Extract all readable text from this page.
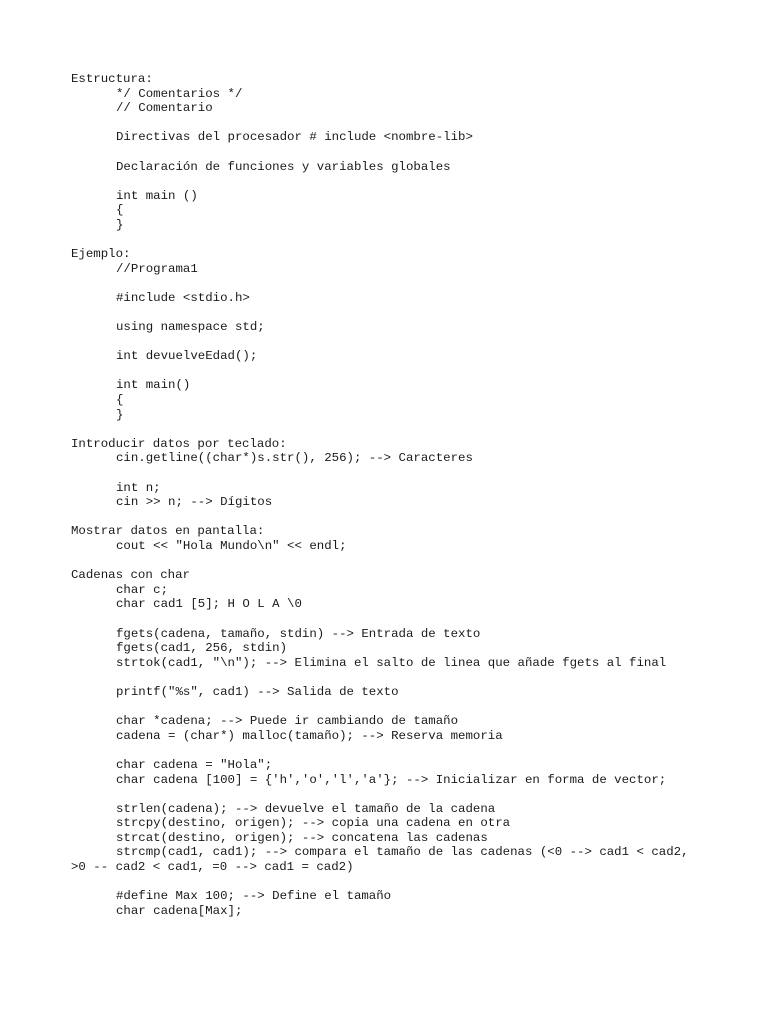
Estructura:
*/ Comentarios */
// Comentario
Directivas del procesador # include <nombre-lib>
Declaración de funciones y variables globales
int main ()
{
}
Ejemplo:
//Programa1
#include <stdio.h>
using namespace std;
int devuelveEdad();
int main()
{
}
Introducir datos por teclado:
cin.getline((char*)s.str(), 256); --> Caracteres
int n;
cin >> n; --> Dígitos
Mostrar datos en pantalla:
cout << "Hola Mundo\n" << endl;
Cadenas con char
char c;
char cad1 [5]; H O L A \0
fgets(cadena, tamaño, stdin) --> Entrada de texto
fgets(cad1, 256, stdin)
strtok(cad1, "\n"); --> Elimina el salto de linea que añade fgets al final
printf("%s", cad1) --> Salida de texto
char *cadena; --> Puede ir cambiando de tamaño
cadena = (char*) malloc(tamaño); --> Reserva memoria
char cadena = "Hola";
char cadena [100] = {'h','o','l','a'}; --> Inicializar en forma de vector;
strlen(cadena); --> devuelve el tamaño de la cadena
strcpy(destino, origen); --> copia una cadena en otra
strcat(destino, origen); --> concatena las cadenas
strcmp(cad1, cad1); --> compara el tamaño de las cadenas (<0 --> cad1 < cad2,
>0 -- cad2 < cad1, =0 --> cad1 = cad2)
#define Max 100; --> Define el tamaño
char cadena[Max];
